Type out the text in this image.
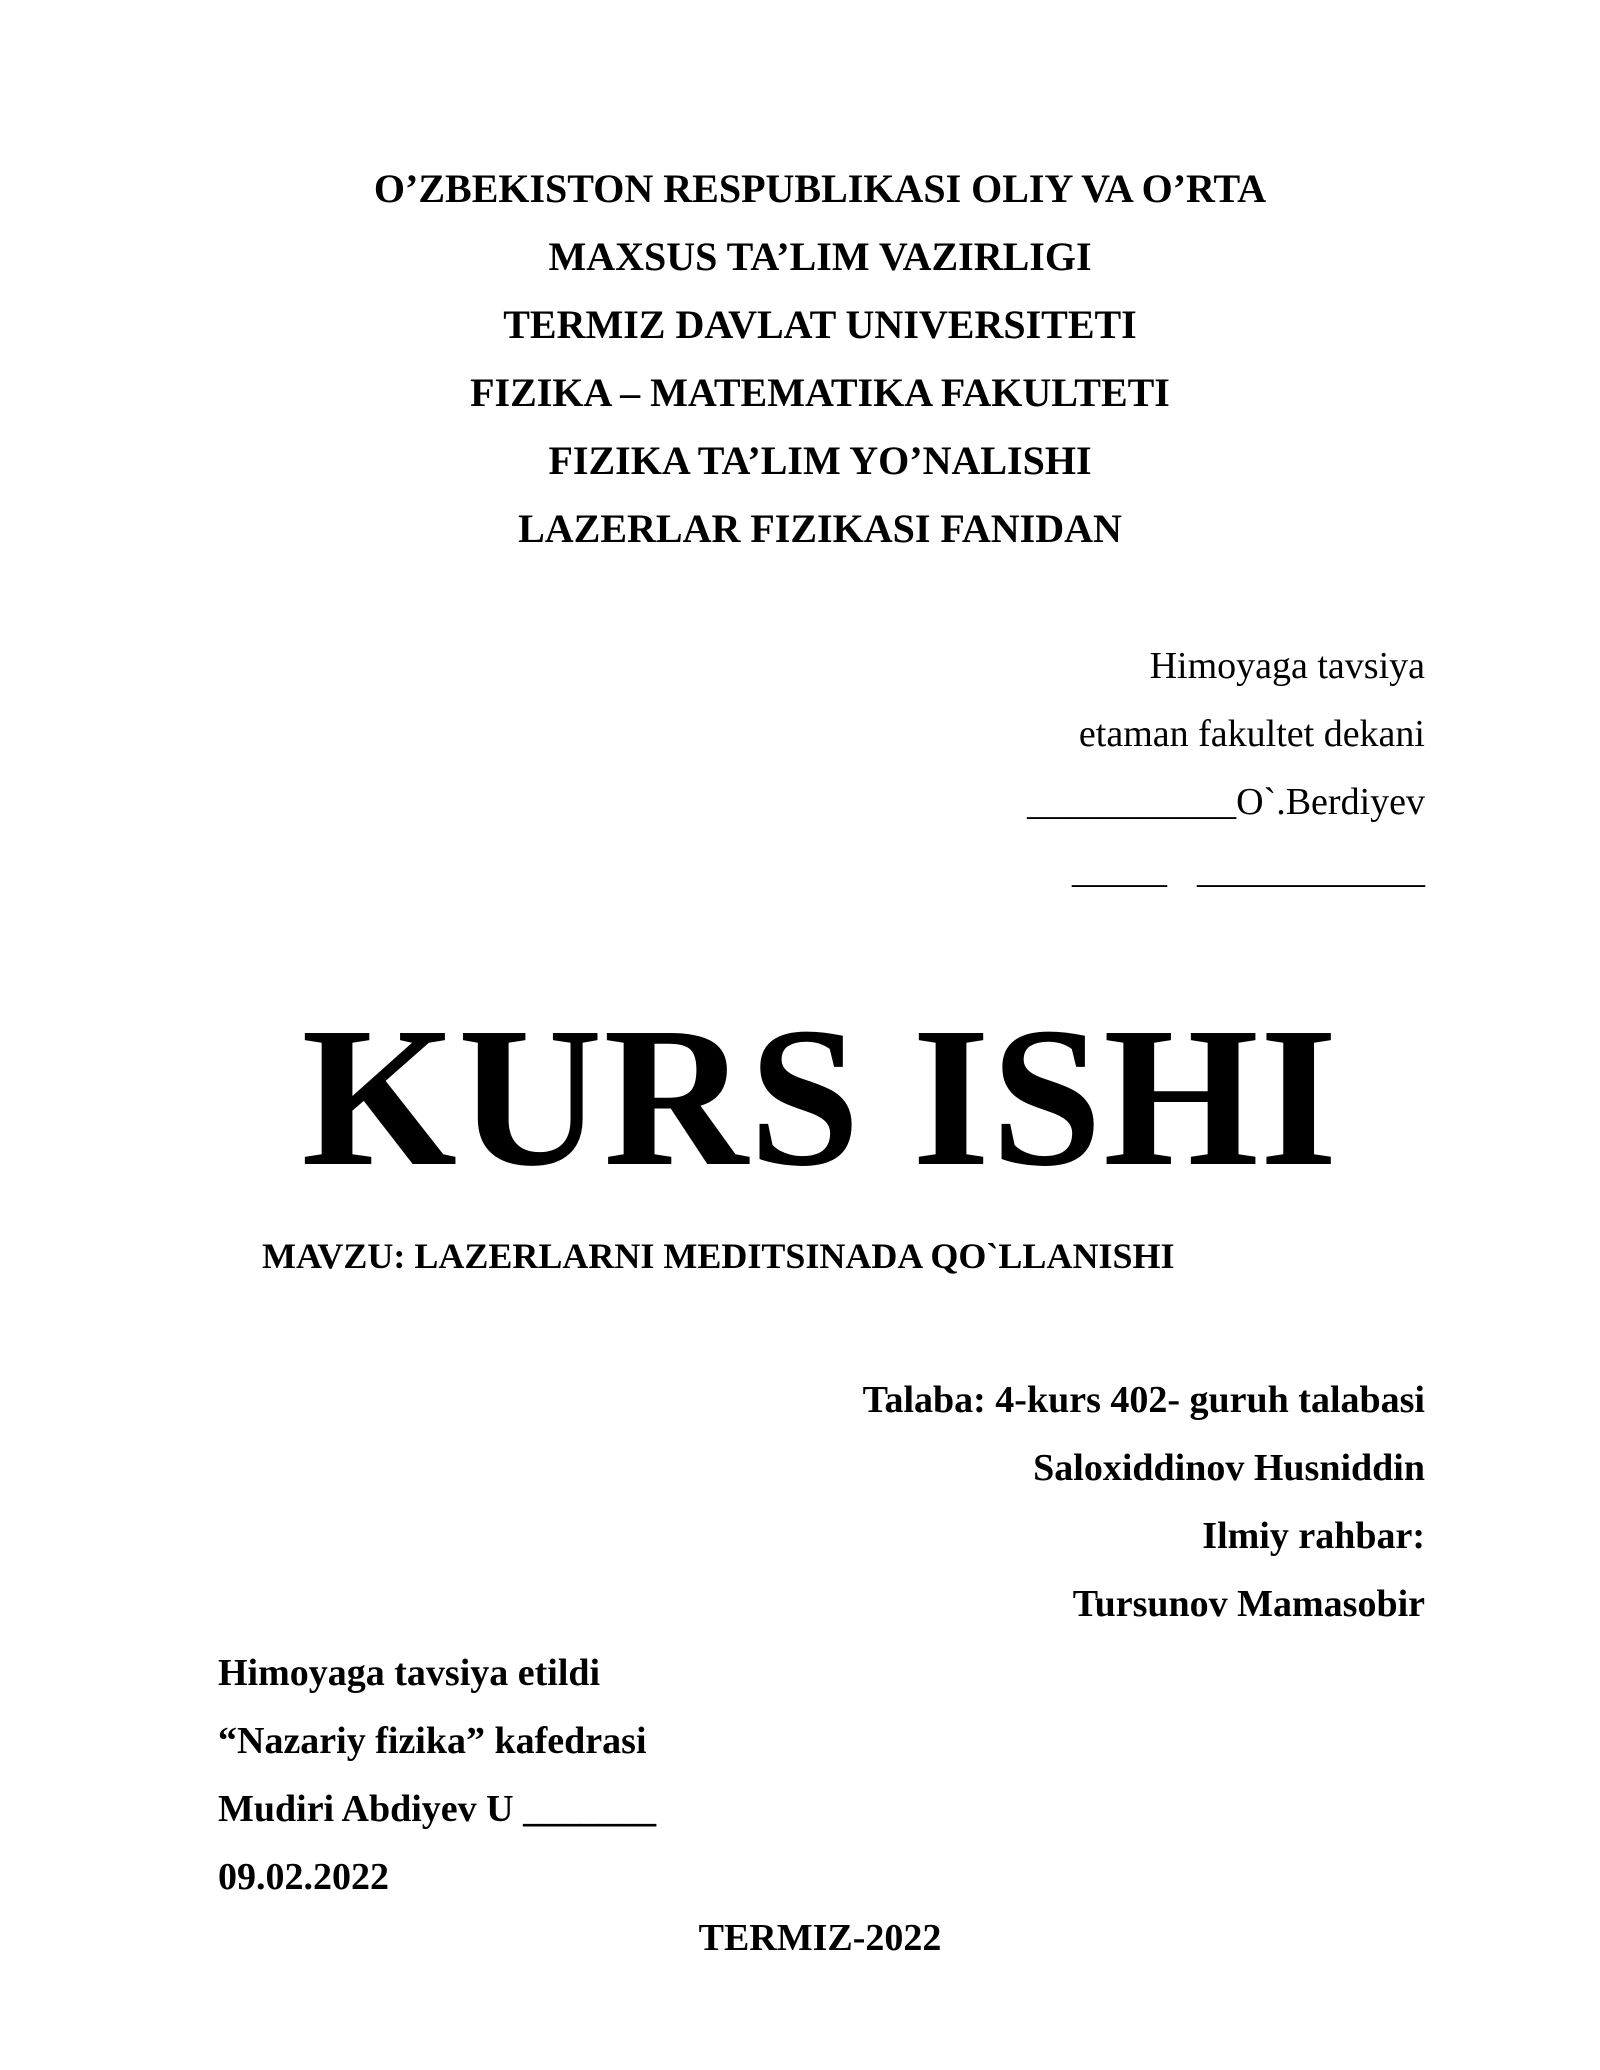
O’ZBEKISTON RESPUBLIKASI OLIY VA O’RTA
MAXSUS TA’LIM VAZIRLIGI
TERMIZ DAVLAT UNIVERSITETI
FIZIKA – MATEMATIKA FAKULTETI
FIZIKA TA’LIM YO’NALISHI
LAZERLAR FIZIKASI FANIDAN
Himoyaga tavsiya
etaman fakultet dekani
___________O`.Berdiyev
_____ ____________
KURS ISHI
MAVZU: LAZERLARNI MEDITSINADA QO`LLANISHI
Talaba: 4-kurs 402- guruh talabasi
Saloxiddinov Husniddin
Ilmiy rahbar:
Tursunov Mamasobir
Himoyaga tavsiya etildi
“Nazariy fizika” kafedrasi
Mudiri Abdiyev U _______
09.02.2022
TERMIZ-2022
